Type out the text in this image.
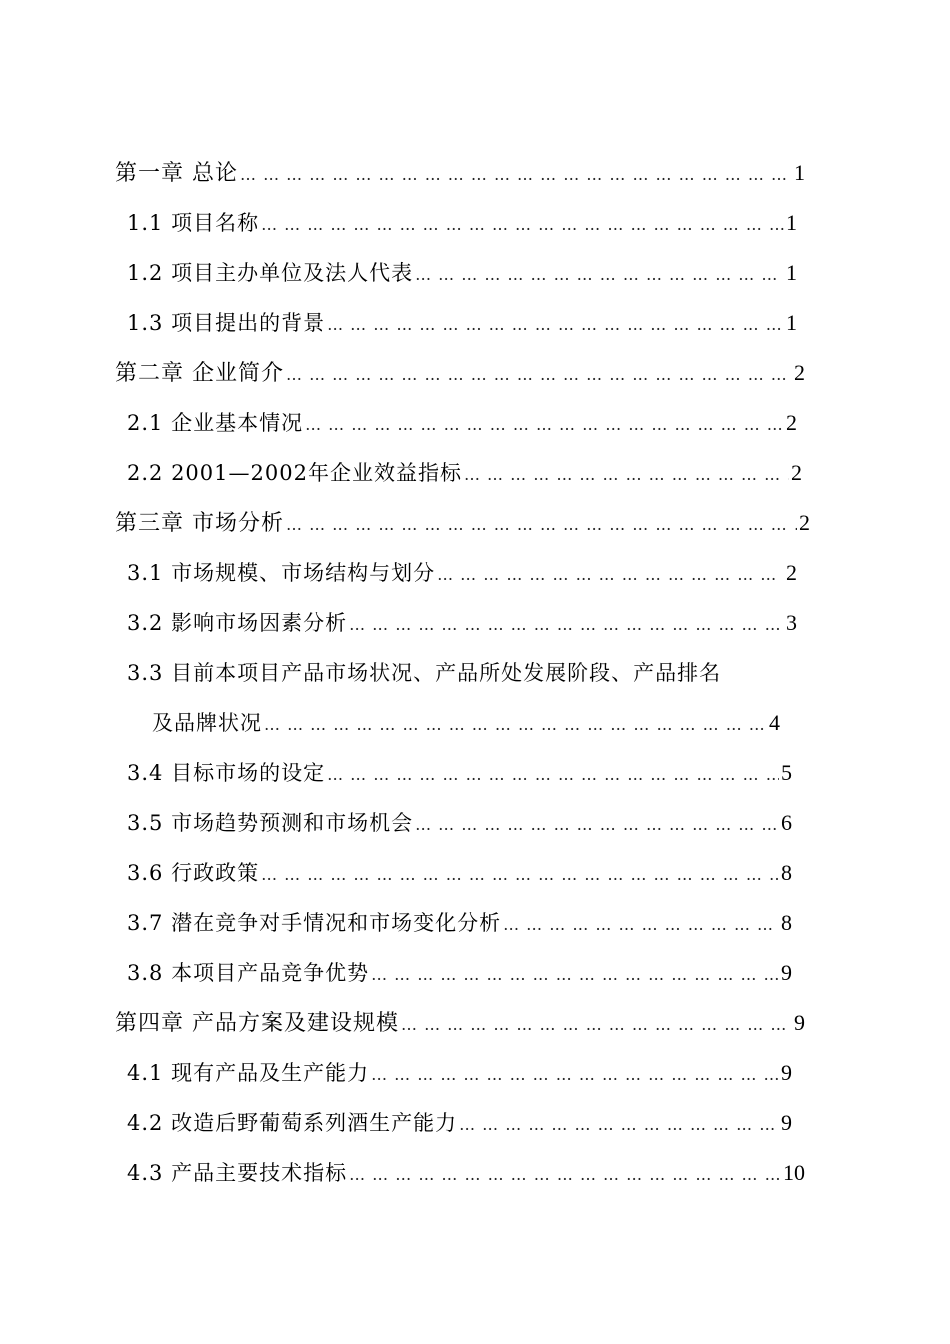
第一章 总论 … … … … … … … … … … … … … … … … … … … … … … … … … … … … … … … … … … … … … … … … … …	1
1.1 项目名称 … … … … … … … … … … … … … … … … … … … … … … … … … … … … … … … … … … … … … … … … … …	1
1.2 项目主办单位及法人代表 … … … … … … … … … … … … … … … … … … … … … … … … … … … … … … … … … … … … … … … … … …	1
1.3 项目提出的背景 … … … … … … … … … … … … … … … … … … … … … … … … … … … … … … … … … … … … … … … … … …	1
第二章 企业简介 … … … … … … … … … … … … … … … … … … … … … … … … … … … … … … … … … … … … … … … … … …	2
2.1 企业基本情况 … … … … … … … … … … … … … … … … … … … … … … … … … … … … … … … … … … … … … … … … … …	2
2.2 2001—2002年企业效益指标 … … … … … … … … … … … … … … … … … … … … … … … … … … … … … … … … … … … … … … … … … …	2
第三章 市场分析 … … … … … … … … … … … … … … … … … … … … … … … … … … … … … … … … … … … … … … … … … …	2
3.1 市场规模、市场结构与划分 … … … … … … … … … … … … … … … … … … … … … … … … … … … … … … … … … … … … … … … … … …	2
3.2 影响市场因素分析 … … … … … … … … … … … … … … … … … … … … … … … … … … … … … … … … … … … … … … … … … …	3
3.3 目前本项目产品市场状况、产品所处发展阶段、产品排名
及品牌状况 … … … … … … … … … … … … … … … … … … … … … … … … … … … … … … … … … … … … … … … … … …	4
3.4 目标市场的设定 … … … … … … … … … … … … … … … … … … … … … … … … … … … … … … … … … … … … … … … … … …	5
3.5 市场趋势预测和市场机会 … … … … … … … … … … … … … … … … … … … … … … … … … … … … … … … … … … … … … … … … … …	6
3.6 行政政策 … … … … … … … … … … … … … … … … … … … … … … … … … … … … … … … … … … … … … … … … … …	8
3.7 潜在竞争对手情况和市场变化分析 … … … … … … … … … … … … … … … … … … … … … … … … … … … … … … … … … … … … … … … … … …	8
3.8 本项目产品竞争优势 … … … … … … … … … … … … … … … … … … … … … … … … … … … … … … … … … … … … … … … … … …	9
第四章 产品方案及建设规模 … … … … … … … … … … … … … … … … … … … … … … … … … … … … … … … … … … … … … … … … … …	9
4.1 现有产品及生产能力 … … … … … … … … … … … … … … … … … … … … … … … … … … … … … … … … … … … … … … … … … …	9
4.2 改造后野葡萄系列酒生产能力 … … … … … … … … … … … … … … … … … … … … … … … … … … … … … … … … … … … … … … … … … …	9
4.3 产品主要技术指标 … … … … … … … … … … … … … … … … … … … … … … … … … … … … … … … … … … … … … … … … … …	10
